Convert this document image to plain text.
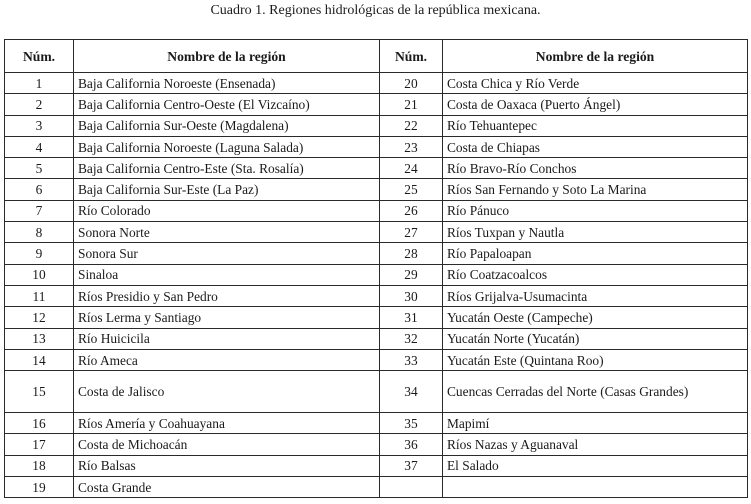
Cuadro 1. Regiones hidrológicas de la república mexicana.
Núm.	Nombre de la región	Núm.	Nombre de la región
1	Baja California Noroeste (Ensenada)	20	Costa Chica y Río Verde
2	Baja California Centro-Oeste (El Vizcaíno)	21	Costa de Oaxaca (Puerto Ángel)
3	Baja California Sur-Oeste (Magdalena)	22	Río Tehuantepec
4	Baja California Noroeste (Laguna Salada)	23	Costa de Chiapas
5	Baja California Centro-Este (Sta. Rosalía)	24	Río Bravo-Río Conchos
6	Baja California Sur-Este (La Paz)	25	Ríos San Fernando y Soto La Marina
7	Río Colorado	26	Río Pánuco
8	Sonora Norte	27	Ríos Tuxpan y Nautla
9	Sonora Sur	28	Río Papaloapan
10	Sinaloa	29	Río Coatzacoalcos
11	Ríos Presidio y San Pedro	30	Ríos Grijalva-Usumacinta
12	Ríos Lerma y Santiago	31	Yucatán Oeste (Campeche)
13	Río Huicicila	32	Yucatán Norte (Yucatán)
14	Río Ameca	33	Yucatán Este (Quintana Roo)
15	Costa de Jalisco	34	Cuencas Cerradas del Norte (Casas Grandes)
16	Ríos Amería y Coahuayana	35	Mapimí
17	Costa de Michoacán	36	Ríos Nazas y Aguanaval
18	Río Balsas	37	El Salado
19	Costa Grande		
